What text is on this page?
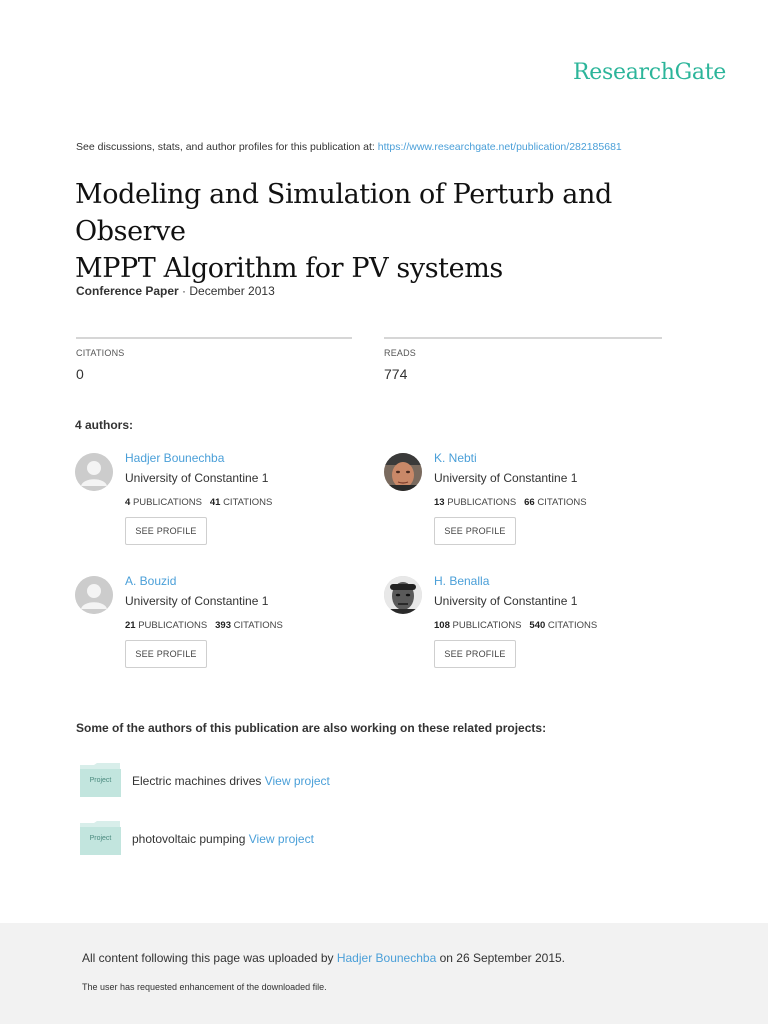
ResearchGate
See discussions, stats, and author profiles for this publication at: https://www.researchgate.net/publication/282185681
Modeling and Simulation of Perturb and Observe
MPPT Algorithm for PV systems
Conference Paper · December 2013
CITATIONS	READS
0	774
4 authors:
Hadjer Bounechba
University of Constantine 1
4 PUBLICATIONS 41 CITATIONS
SEE PROFILE
K. Nebti
University of Constantine 1
13 PUBLICATIONS 66 CITATIONS
SEE PROFILE
A. Bouzid
University of Constantine 1
21 PUBLICATIONS 393 CITATIONS
SEE PROFILE
H. Benalla
University of Constantine 1
108 PUBLICATIONS 540 CITATIONS
SEE PROFILE
Some of the authors of this publication are also working on these related projects:
Project	Electric machines drives View project
Project	photovoltaic pumping View project
All content following this page was uploaded by Hadjer Bounechba on 26 September 2015.
The user has requested enhancement of the downloaded file.
